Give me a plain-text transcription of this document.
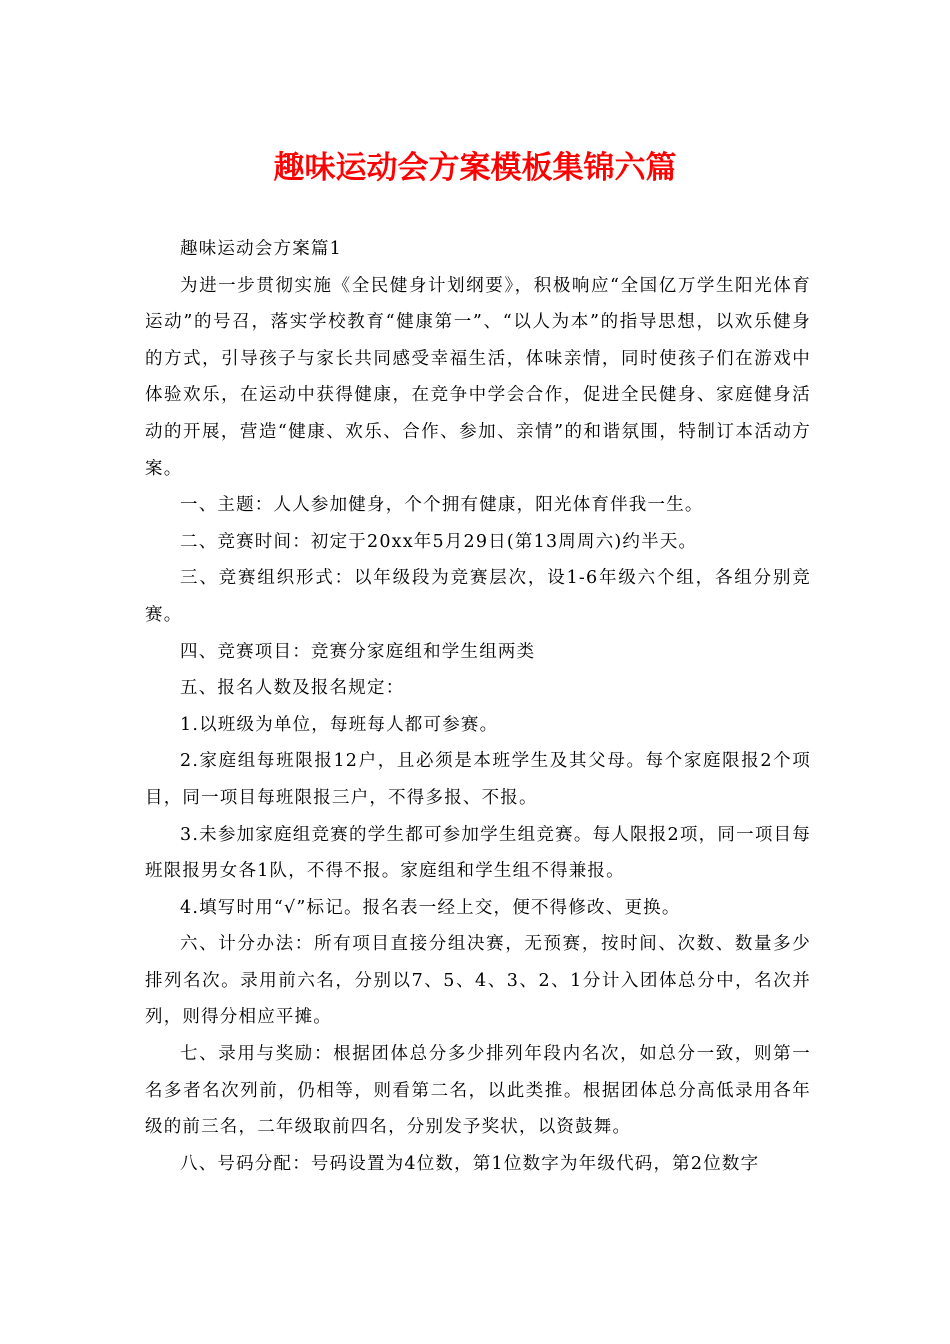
趣味运动会方案模板集锦六篇

趣味运动会方案篇1

为进一步贯彻实施《全民健身计划纲要》，积极响应“全国亿万学生阳光体育运动”的号召，落实学校教育“健康第一”、“以人为本”的指导思想，以欢乐健身的方式，引导孩子与家长共同感受幸福生活，体味亲情，同时使孩子们在游戏中体验欢乐，在运动中获得健康，在竞争中学会合作，促进全民健身、家庭健身活动的开展，营造“健康、欢乐、合作、参加、亲情”的和谐氛围，特制订本活动方案。

一、主题：人人参加健身，个个拥有健康，阳光体育伴我一生。

二、竞赛时间：初定于20xx年5月29日(第13周周六)约半天。

三、竞赛组织形式：以年级段为竞赛层次，设1-6年级六个组，各组分别竞赛。

四、竞赛项目：竞赛分家庭组和学生组两类

五、报名人数及报名规定：

1.以班级为单位，每班每人都可参赛。

2.家庭组每班限报12户，且必须是本班学生及其父母。每个家庭限报2个项目，同一项目每班限报三户，不得多报、不报。

3.未参加家庭组竞赛的学生都可参加学生组竞赛。每人限报2项，同一项目每班限报男女各1队，不得不报。家庭组和学生组不得兼报。

4.填写时用“√”标记。报名表一经上交，便不得修改、更换。

六、计分办法：所有项目直接分组决赛，无预赛，按时间、次数、数量多少排列名次。录用前六名，分别以7、5、4、3、2、1分计入团体总分中，名次并列，则得分相应平摊。

七、录用与奖励：根据团体总分多少排列年段内名次，如总分一致，则第一名多者名次列前，仍相等，则看第二名，以此类推。根据团体总分高低录用各年级的前三名，二年级取前四名，分别发予奖状，以资鼓舞。

八、号码分配：号码设置为4位数，第1位数字为年级代码，第2位数字
